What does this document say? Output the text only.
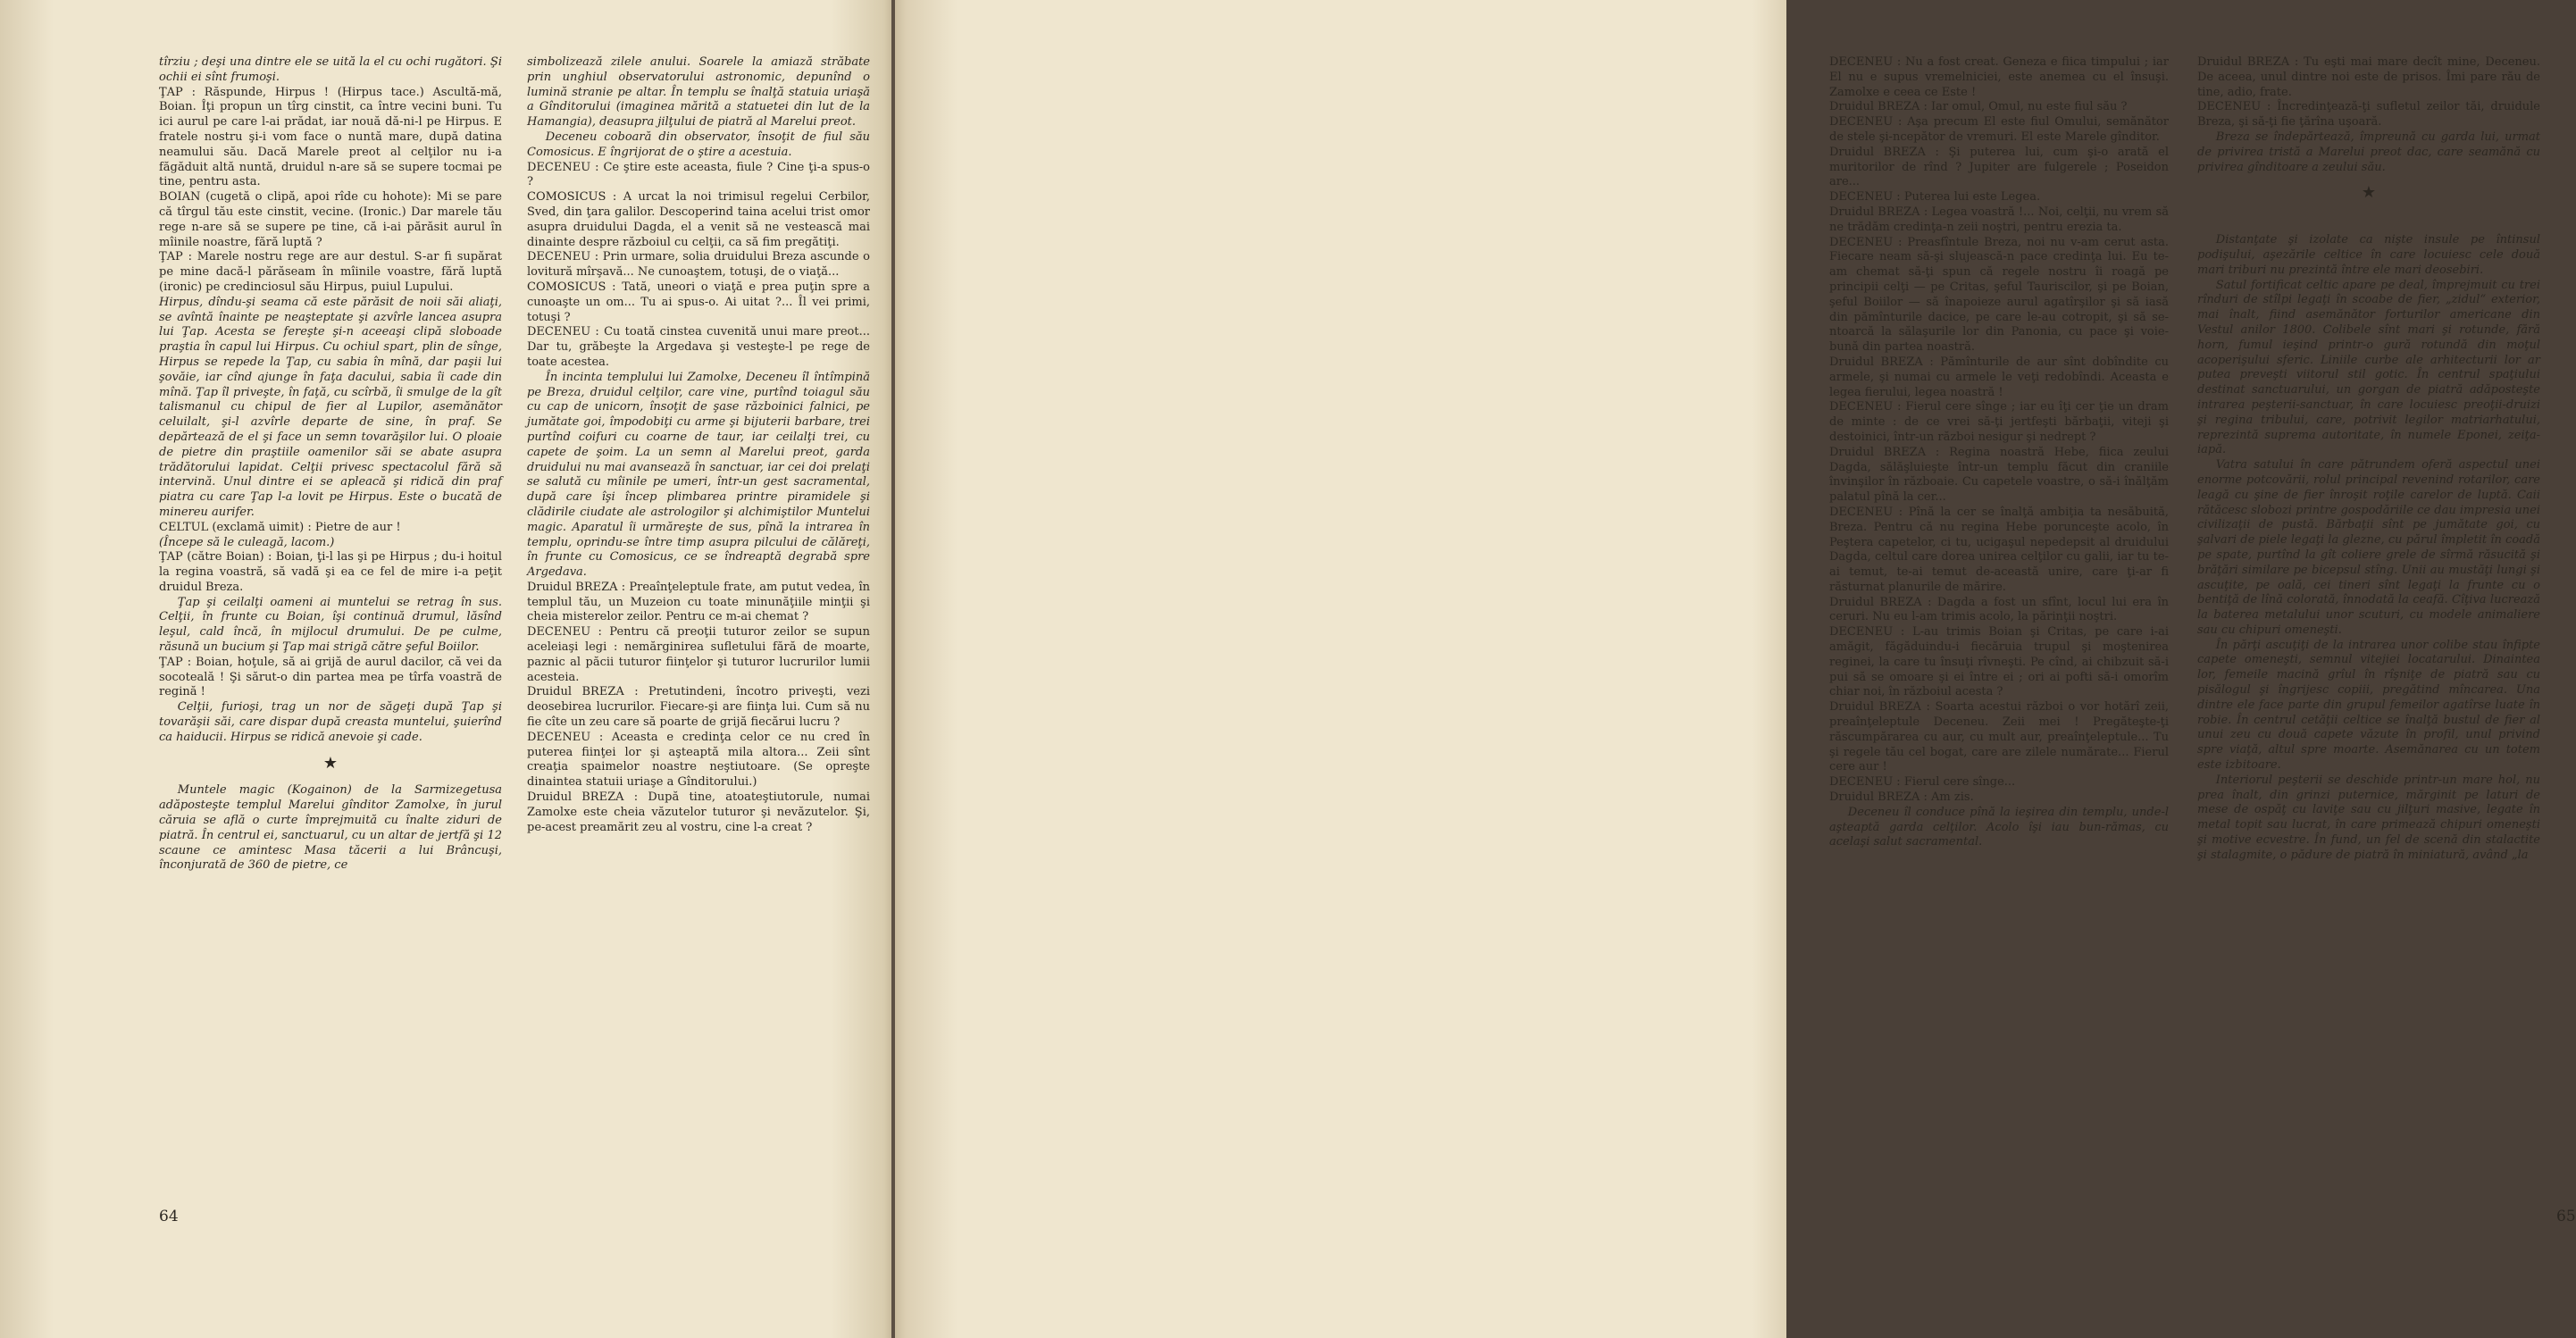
tîrziu ; deşi una dintre ele se uită la el cu ochi rugători. Şi ochii ei sînt frumoşi.

ŢAP : Răspunde, Hirpus ! (Hirpus tace.) Ascultă-mă, Boian. Îţi propun un tîrg cinstit, ca între vecini buni. Tu ici aurul pe care l-ai prădat, iar nouă dă-ni-l pe Hirpus. E fratele nostru şi-i vom face o nuntă mare, după datina neamului său. Dacă Marele preot al celţilor nu i-a făgăduit altă nuntă, druidul n-are să se supere tocmai pe tine, pentru asta.

BOIAN (cugetă o clipă, apoi rîde cu hohote): Mi se pare că tîrgul tău este cinstit, vecine. (Ironic.) Dar marele tău rege n-are să se supere pe tine, că i-ai părăsit aurul în mîinile noastre, fără luptă ?

ŢAP : Marele nostru rege are aur destul. S-ar fi supărat pe mine dacă-l părăseam în mîinile voastre, fără luptă (ironic) pe credinciosul său Hirpus, puiul Lupului.

Hirpus, dîndu-şi seama că este părăsit de noii săi aliaţi, se avîntă înainte pe neaşteptate şi azvîrle lancea asupra lui Ţap. Acesta se fereşte şi-n aceeaşi clipă sloboade praştia în capul lui Hirpus. Cu ochiul spart, plin de sînge, Hirpus se repede la Ţap, cu sabia în mînă, dar paşii lui şovăie, iar cînd ajunge în faţa dacului, sabia îi cade din mînă. Ţap îl priveşte, în faţă, cu scîrbă, îi smulge de la gît talismanul cu chipul de fier al Lupilor, asemănător celuilalt, şi-l azvîrle departe de sine, în praf. Se depărtează de el şi face un semn tovarăşilor lui. O ploaie de pietre din praştiile oamenilor săi se abate asupra trădătorului lapidat. Celţii privesc spectacolul fără să intervină. Unul dintre ei se apleacă şi ridică din praf piatra cu care Ţap l-a lovit pe Hirpus. Este o bucată de minereu aurifer.

CELTUL (exclamă uimit) : Pietre de aur !

(Începe să le culeagă, lacom.)

ŢAP (către Boian) : Boian, ţi-l las şi pe Hirpus ; du-i hoitul la regina voastră, să vadă şi ea ce fel de mire i-a peţit druidul Breza.

Ţap şi ceilalţi oameni ai muntelui se retrag în sus. Celţii, în frunte cu Boian, îşi continuă drumul, lăsînd leşul, cald încă, în mijlocul drumului. De pe culme, răsună un bucium şi Ţap mai strigă către şeful Boiilor.

ŢAP : Boian, hoţule, să ai grijă de aurul dacilor, că vei da socoteală ! Şi sărut-o din partea mea pe tîrfa voastră de regină !

Celţii, furioşi, trag un nor de săgeţi după Ţap şi tovarăşii săi, care dispar după creasta muntelui, şuierînd ca haiducii. Hirpus se ridică anevoie şi cade.

★

Muntele magic (Kogainon) de la Sarmizegetusa adăposteşte templul Marelui gînditor Zamolxe, în jurul căruia se află o curte împrejmuită cu înalte ziduri de piatră. În centrul ei, sanctuarul, cu un altar de jertfă şi 12 scaune ce amintesc Masa tăcerii a lui Brâncuşi, înconjurată de 360 de pietre, ce

simbolizează zilele anului. Soarele la amiază străbate prin unghiul observatorului astronomic, depunînd o lumină stranie pe altar. În templu se înalţă statuia uriaşă a Gînditorului (imaginea mărită a statuetei din lut de la Hamangia), deasupra jilţului de piatră al Marelui preot.

Deceneu coboară din observator, însoţit de fiul său Comosicus. E îngrijorat de o ştire a acestuia.

DECENEU : Ce ştire este aceasta, fiule ? Cine ţi-a spus-o ?

COMOSICUS : A urcat la noi trimisul regelui Cerbilor, Sved, din ţara galilor. Descoperind taina acelui trist omor asupra druidului Dagda, el a venit să ne vestească mai dinainte despre războiul cu celţii, ca să fim pregătiţi.

DECENEU : Prin urmare, solia druidului Breza ascunde o lovitură mîrşavă... Ne cunoaştem, totuşi, de o viaţă...

COMOSICUS : Tată, uneori o viaţă e prea puţin spre a cunoaşte un om... Tu ai spus-o. Ai uitat ?... Îl vei primi, totuşi ?

DECENEU : Cu toată cinstea cuvenită unui mare preot... Dar tu, grăbeşte la Argedava şi vesteşte-l pe rege de toate acestea.

În incinta templului lui Zamolxe, Deceneu îl întîmpină pe Breza, druidul celţilor, care vine, purtînd toiagul său cu cap de unicorn, însoţit de şase războinici falnici, pe jumătate goi, împodobiţi cu arme şi bijuterii barbare, trei purtînd coifuri cu coarne de taur, iar ceilalţi trei, cu capete de şoim. La un semn al Marelui preot, garda druidului nu mai avansează în sanctuar, iar cei doi prelaţi se salută cu mîinile pe umeri, într-un gest sacramental, după care îşi încep plimbarea printre piramidele şi clădirile ciudate ale astrologilor şi alchimiştilor Muntelui magic. Aparatul îi urmăreşte de sus, pînă la intrarea în templu, oprindu-se între timp asupra pilcului de călăreţi, în frunte cu Comosicus, ce se îndreaptă degrabă spre Argedava.

Druidul BREZA : Preaînţeleptule frate, am putut vedea, în templul tău, un Muzeion cu toate minunăţiile minţii şi cheia misterelor zeilor. Pentru ce m-ai chemat ?

DECENEU : Pentru că preoţii tuturor zeilor se supun aceleiaşi legi : nemărginirea sufletului fără de moarte, paznic al păcii tuturor fiinţelor şi tuturor lucrurilor lumii acesteia.

Druidul BREZA : Pretutindeni, încotro priveşti, vezi deosebirea lucrurilor. Fiecare-şi are fiinţa lui. Cum să nu fie cîte un zeu care să poarte de grijă fiecărui lucru ?

DECENEU : Aceasta e credinţa celor ce nu cred în puterea fiinţei lor şi aşteaptă mila altora... Zeii sînt creaţia spaimelor noastre neştiutoare. (Se opreşte dinaintea statuii uriaşe a Gînditorului.)

Druidul BREZA : După tine, atoateştiutorule, numai Zamolxe este cheia văzutelor tuturor şi nevăzutelor. Şi, pe-acest preamărit zeu al vostru, cine l-a creat ?

64

DECENEU : Nu a fost creat. Geneza e fiica timpului ; iar El nu e supus vremelniciei, este anemea cu el însuşi. Zamolxe e ceea ce Este !

Druidul BREZA : Iar omul, Omul, nu este fiul său ?

DECENEU : Aşa precum El este fiul Omului, semănător de stele şi-ncepător de vremuri. El este Marele gînditor.

Druidul BREZA : Şi puterea lui, cum şi-o arată el muritorilor de rînd ? Jupiter are fulgerele ; Poseidon are...

DECENEU : Puterea lui este Legea.

Druidul BREZA : Legea voastră !... Noi, celţii, nu vrem să ne trădăm credinţa-n zeii noştri, pentru erezia ta.

DECENEU : Preasfîntule Breza, noi nu v-am cerut asta. Fiecare neam să-şi slujească-n pace credinţa lui. Eu te-am chemat să-ţi spun că regele nostru îi roagă pe principii celţi — pe Critas, şeful Tauriscilor, şi pe Boian, şeful Boiilor — să înapoieze aurul agatîrşilor şi să iasă din pămînturile dacice, pe care le-au cotropit, şi să se-ntoarcă la sălaşurile lor din Panonia, cu pace şi voie-bună din partea noastră.

Druidul BREZA : Pămînturile de aur sînt dobîndite cu armele, şi numai cu armele le veţi redobîndi. Aceasta e legea fierului, legea noastră !

DECENEU : Fierul cere sînge ; iar eu îţi cer ţie un dram de minte : de ce vrei să-ţi jertfeşti bărbaţii, viteji şi destoinici, într-un război nesigur şi nedrept ?

Druidul BREZA : Regina noastră Hebe, fiica zeului Dagda, sălăşluieşte într-un templu făcut din craniile învinşilor în războaie. Cu capetele voastre, o să-i înălţăm palatul pînă la cer...

DECENEU : Pînă la cer se înalţă ambiţia ta nesăbuită, Breza. Pentru că nu regina Hebe porunceşte acolo, în Peştera capetelor, ci tu, ucigaşul nepedepsit al druidului Dagda, celtul care dorea unirea celţilor cu galii, iar tu te-ai temut, te-ai temut de-această unire, care ţi-ar fi răsturnat planurile de mărire.

Druidul BREZA : Dagda a fost un sfînt, locul lui era în ceruri. Nu eu l-am trimis acolo, la părinţii noştri.

DECENEU : L-au trimis Boian şi Critas, pe care i-ai amăgit, făgăduindu-i fiecăruia trupul şi moştenirea reginei, la care tu însuţi rîvneşti. Pe cînd, ai chibzuit să-i pui să se omoare şi ei între ei ; ori ai pofti să-i omorîm chiar noi, în războiul acesta ?

Druidul BREZA : Soarta acestui război o vor hotărî zeii, preaînţeleptule Deceneu. Zeii mei ! Pregăteşte-ţi răscumpărarea cu aur, cu mult aur, preaînţeleptule... Tu şi regele tău cel bogat, care are zilele numărate... Fierul cere aur !

DECENEU : Fierul cere sînge...

Druidul BREZA : Am zis.

Deceneu îl conduce pînă la ieşirea din templu, unde-l aşteaptă garda celţilor. Acolo îşi iau bun-rămas, cu acelaşi salut sacramental.

Druidul BREZA : Tu eşti mai mare decît mine, Deceneu. De aceea, unul dintre noi este de prisos. Îmi pare rău de tine, adio, frate.

DECENEU : Încredinţează-ţi sufletul zeilor tăi, druidule Breza, şi să-ţi fie ţărîna uşoară.

Breza se îndepărtează, împreună cu garda lui, urmat de privirea tristă a Marelui preot dac, care seamănă cu privirea gînditoare a zeului său.

★

Distanţate şi izolate ca nişte insule pe întinsul podişului, aşezările celtice în care locuiesc cele două mari triburi nu prezintă între ele mari deosebiri.

Satul fortificat celtic apare pe deal, împrejmuit cu trei rînduri de stîlpi legaţi în scoabe de fier, „zidul“ exterior, mai înalt, fiind asemănător forturilor americane din Vestul anilor 1800. Colibele sînt mari şi rotunde, fără horn, fumul ieşind printr-o gură rotundă din moţul acoperişului sferic. Liniile curbe ale arhitecturii lor ar putea preveşti viitorul stil gotic. În centrul spaţiului destinat sanctuarului, un gorgan de piatră adăposteşte intrarea peşterii-sanctuar, în care locuiesc preoţii-druizi şi regina tribului, care, potrivit legilor matriarhatului, reprezintă suprema autoritate, în numele Eponei, zeiţa-iapă.

Vatra satului în care pătrundem oferă aspectul unei enorme potcovării, rolul principal revenind rotarilor, care leagă cu şine de fier înroşit roţile carelor de luptă. Caii rătăcesc slobozi printre gospodăriile ce dau impresia unei civilizaţii de pustă. Bărbaţii sînt pe jumătate goi, cu şalvari de piele legaţi la glezne, cu părul împletit în coadă pe spate, purtînd la gît coliere grele de sîrmă răsucită şi brăţări similare pe bicepsul stîng. Unii au mustăţi lungi şi ascuţite, pe oală, cei tineri sînt legaţi la frunte cu o bentiţă de lînă colorată, înnodată la ceafă. Cîţiva lucrează la baterea metalului unor scuturi, cu modele animaliere sau cu chipuri omeneşti.

În părţi ascuţiţi de la intrarea unor colibe stau înfipte capete omeneşti, semnul vitejiei locatarului. Dinaintea lor, femeile macină grîul în rîşniţe de piatră sau cu pisălogul şi îngrijesc copiii, pregătind mîncarea. Una dintre ele face parte din grupul femeilor agatîrse luate în robie. În centrul cetăţii celtice se înalţă bustul de fier al unui zeu cu două capete văzute în profil, unul privind spre viaţă, altul spre moarte. Asemănarea cu un totem este izbitoare.

Interiorul peşterii se deschide printr-un mare hol, nu prea înalt, din grinzi puternice, mărginit pe laturi de mese de ospăţ cu laviţe sau cu jilţuri masive, legate în metal topit sau lucrat, în care primează chipuri omeneşti şi motive ecvestre. În fund, un fel de scenă din stalactite şi stalagmite, o pădure de piatră în miniatură, având „la

65
